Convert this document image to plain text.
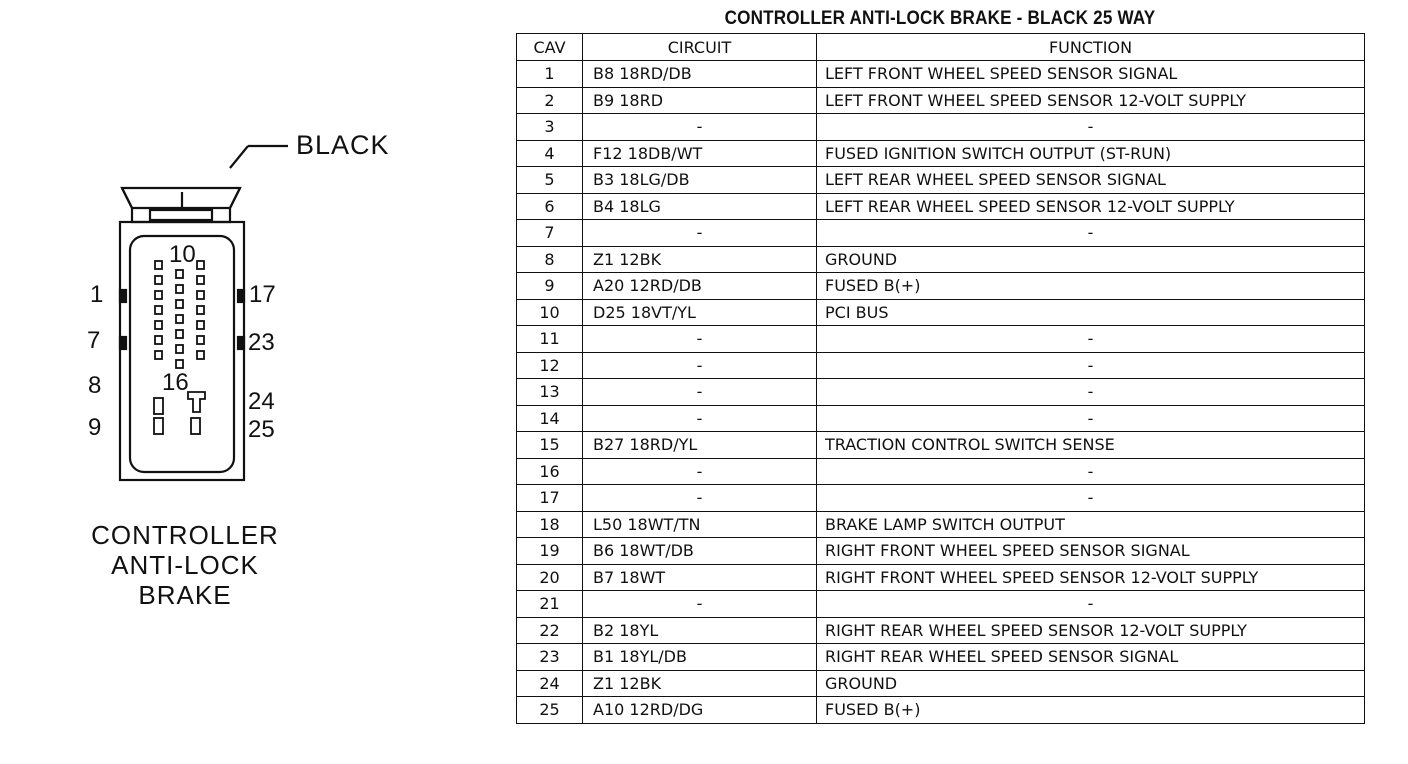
BLACK
1
7
8
9
10
16
17
23
24
25
CONTROLLER
ANTI-LOCK
BRAKE
CONTROLLER ANTI-LOCK BRAKE - BLACK 25 WAY
CAV	CIRCUIT	FUNCTION
1	B8 18RD/DB	LEFT FRONT WHEEL SPEED SENSOR SIGNAL
2	B9 18RD	LEFT FRONT WHEEL SPEED SENSOR 12-VOLT SUPPLY
3	-	-
4	F12 18DB/WT	FUSED IGNITION SWITCH OUTPUT (ST-RUN)
5	B3 18LG/DB	LEFT REAR WHEEL SPEED SENSOR SIGNAL
6	B4 18LG	LEFT REAR WHEEL SPEED SENSOR 12-VOLT SUPPLY
7	-	-
8	Z1 12BK	GROUND
9	A20 12RD/DB	FUSED B(+)
10	D25 18VT/YL	PCI BUS
11	-	-
12	-	-
13	-	-
14	-	-
15	B27 18RD/YL	TRACTION CONTROL SWITCH SENSE
16	-	-
17	-	-
18	L50 18WT/TN	BRAKE LAMP SWITCH OUTPUT
19	B6 18WT/DB	RIGHT FRONT WHEEL SPEED SENSOR SIGNAL
20	B7 18WT	RIGHT FRONT WHEEL SPEED SENSOR 12-VOLT SUPPLY
21	-	-
22	B2 18YL	RIGHT REAR WHEEL SPEED SENSOR 12-VOLT SUPPLY
23	B1 18YL/DB	RIGHT REAR WHEEL SPEED SENSOR SIGNAL
24	Z1 12BK	GROUND
25	A10 12RD/DG	FUSED B(+)
